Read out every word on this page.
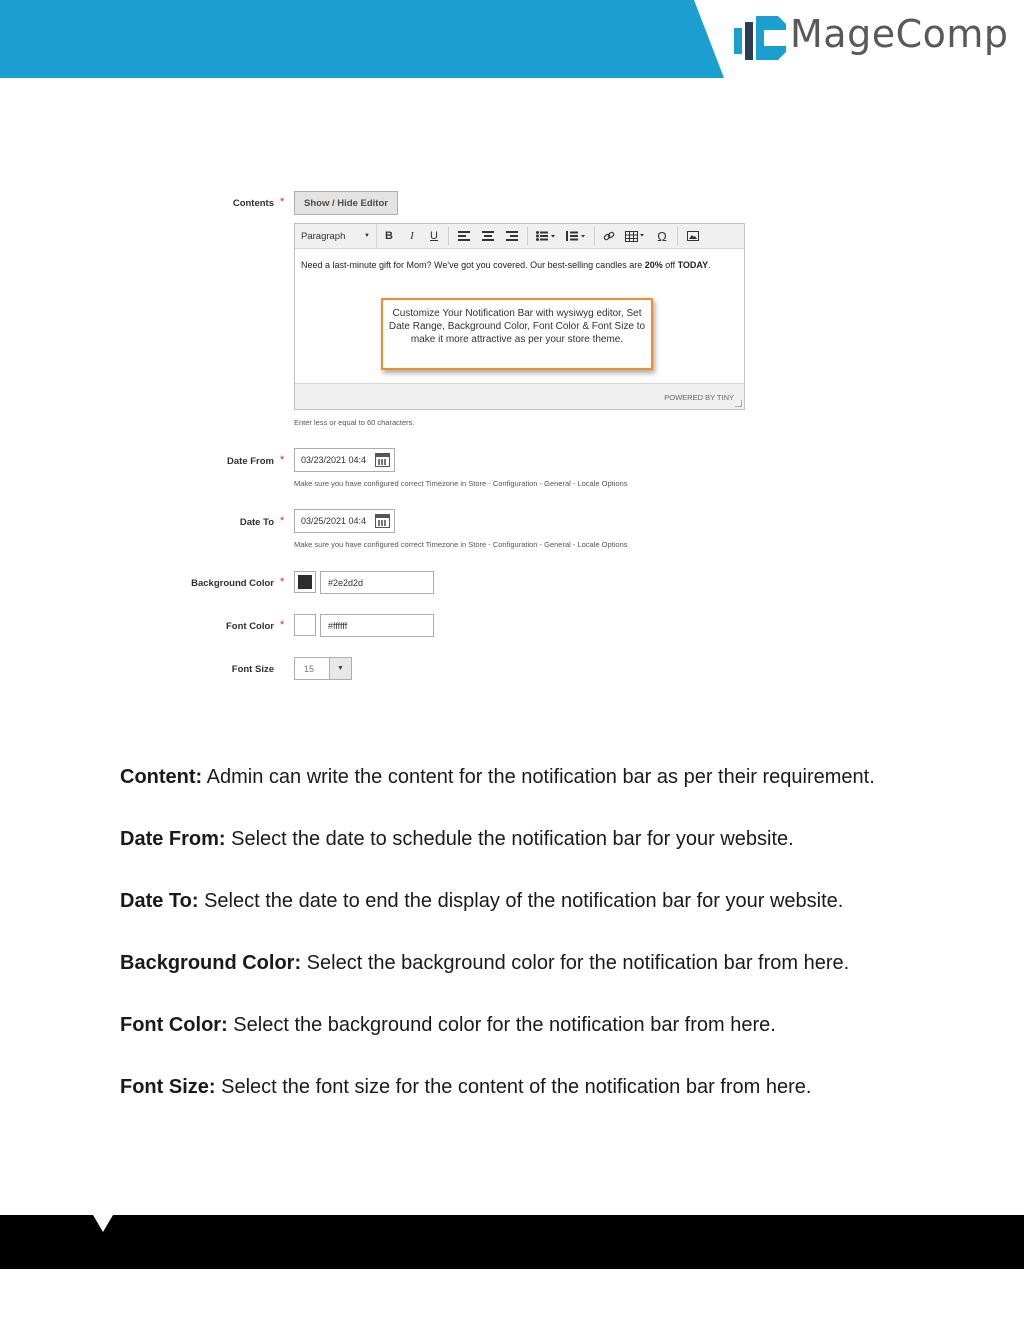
MageComp
Contents *	Show / Hide Editor
Paragraph	▼	B	I	U	Ω
Need a last-minute gift for Mom? We've got you covered. Our best-selling candles are 20% off TODAY.
Customize Your Notification Bar with wysiwyg editor, Set Date Range, Background Color, Font Color & Font Size to make it more attractive as per your store theme.
POWERED BY TINY
Enter less or equal to 60 characters.
Date From *	03/23/2021 04:4
Make sure you have configured correct Timezone in Store - Configuration - General - Locale Options
Date To *	03/25/2021 04:4
Make sure you have configured correct Timezone in Store - Configuration - General - Locale Options
Background Color *	#2e2d2d
Font Color *	#ffffff
Font Size	15	▼
Content: Admin can write the content for the notification bar as per their requirement.
Date From: Select the date to schedule the notification bar for your website.
Date To: Select the date to end the display of the notification bar for your website.
Background Color: Select the background color for the notification bar from here.
Font Color: Select the background color for the notification bar from here.
Font Size: Select the font size for the content of the notification bar from here.
